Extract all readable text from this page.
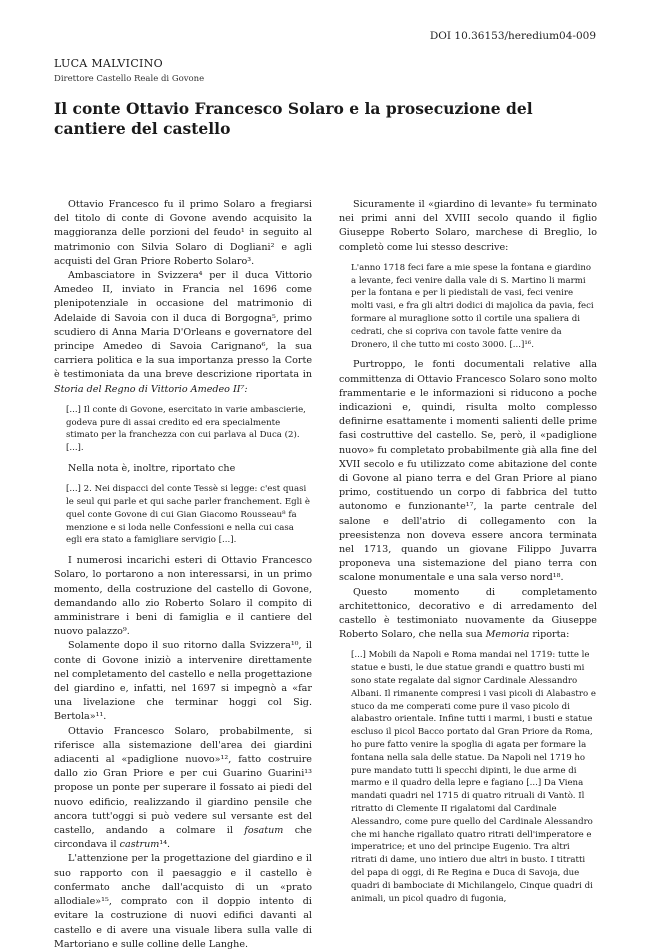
DOI 10.36153/heredium04-009
LUCA MALVICINO
Direttore Castello Reale di Govone
Il conte Ottavio Francesco Solaro e la prosecuzione del cantiere del castello

Ottavio Francesco fu il primo Solaro a fregiarsi del titolo di conte di Govone avendo acquisito la maggioranza delle porzioni del feudo¹ in seguito al matrimonio con Silvia Solaro di Dogliani² e agli acquisti del Gran Priore Roberto Solaro³.

Ambasciatore in Svizzera⁴ per il duca Vittorio Amedeo II, inviato in Francia nel 1696 come plenipotenziale in occasione del matrimonio di Adelaide di Savoia con il duca di Borgogna⁵, primo scudiero di Anna Maria D'Orleans e governatore del principe Amedeo di Savoia Carignano⁶, la sua carriera politica e la sua importanza presso la Corte è testimoniata da una breve descrizione riportata in Storia del Regno di Vittorio Amedeo II⁷:

[...] Il conte di Govone, esercitato in varie ambascierie, godeva pure di assai credito ed era specialmente stimato per la franchezza con cui parlava al Duca (2). [...].

Nella nota è, inoltre, riportato che

[...] 2. Nei dispacci del conte Tessè si legge: c'est quasi le seul qui parle et qui sache parler franchement. Egli è quel conte Govone di cui Gian Giacomo Rousseau⁸ fa menzione e si loda nelle Confessioni e nella cui casa egli era stato a famigliare servigio [...].

I numerosi incarichi esteri di Ottavio Francesco Solaro, lo portarono a non interessarsi, in un primo momento, della costruzione del castello di Govone, demandando allo zio Roberto Solaro il compito di amministrare i beni di famiglia e il cantiere del nuovo palazzo⁹.

Solamente dopo il suo ritorno dalla Svizzera¹⁰, il conte di Govone iniziò a intervenire direttamente nel completamento del castello e nella progettazione del giardino e, infatti, nel 1697 si impegnò a «far una livelazione che terminar hoggi col Sig. Bertola»¹¹.

Ottavio Francesco Solaro, probabilmente, si riferisce alla sistemazione dell'area dei giardini adiacenti al «padiglione nuovo»¹², fatto costruire dallo zio Gran Priore e per cui Guarino Guarini¹³ propose un ponte per superare il fossato ai piedi del nuovo edificio, realizzando il giardino pensile che ancora tutt'oggi si può vedere sul versante est del castello, andando a colmare il fosatum che circondava il castrum¹⁴.

L'attenzione per la progettazione del giardino e il suo rapporto con il paesaggio e il castello è confermato anche dall'acquisto di un «prato allodiale»¹⁵, comprato con il doppio intento di evitare la costruzione di nuovi edifici davanti al castello e di avere una visuale libera sulla valle di Martoriano e sulle colline delle Langhe.

Sicuramente il «giardino di levante» fu terminato nei primi anni del XVIII secolo quando il figlio Giuseppe Roberto Solaro, marchese di Breglio, lo completò come lui stesso descrive:

L'anno 1718 feci fare a mie spese la fontana e giardino a levante, feci venire dalla vale di S. Martino li marmi per la fontana e per li piedistali de vasi, feci venire molti vasi, e fra gli altri dodici di majolica da pavia, feci formare al muraglione sotto il cortile una spaliera di cedrati, che si copriva con tavole fatte venire da Dronero, il che tutto mi costo 3000. [...]¹⁶.

Purtroppo, le fonti documentali relative alla committenza di Ottavio Francesco Solaro sono molto frammentarie e le informazioni si riducono a poche indicazioni e, quindi, risulta molto complesso definirne esattamente i momenti salienti delle prime fasi costruttive del castello. Se, però, il «padiglione nuovo» fu completato probabilmente già alla fine del XVII secolo e fu utilizzato come abitazione del conte di Govone al piano terra e del Gran Priore al piano primo, costituendo un corpo di fabbrica del tutto autonomo e funzionante¹⁷, la parte centrale del salone e dell'atrio di collegamento con la preesistenza non doveva essere ancora terminata nel 1713, quando un giovane Filippo Juvarra proponeva una sistemazione del piano terra con scalone monumentale e una sala verso nord¹⁸.

Questo momento di completamento architettonico, decorativo e di arredamento del castello è testimoniato nuovamente da Giuseppe Roberto Solaro, che nella sua Memoria riporta:

[...] Mobili da Napoli e Roma mandai nel 1719: tutte le statue e busti, le due statue grandi e quattro busti mi sono state regalate dal signor Cardinale Alessandro Albani. Il rimanente compresi i vasi picoli di Alabastro e stuco da me comperati come pure il vaso picolo di alabastro orientale. Infine tutti i marmi, i busti e statue escluso il picol Bacco portato dal Gran Priore da Roma, ho pure fatto venire la spoglia di agata per formare la fontana nella sala delle statue. Da Napoli nel 1719 ho pure mandato tutti li specchi dipinti, le due arme di marmo e il quadro della lepre e fagiano [...] Da Viena mandati quadri nel 1715 di quatro ritruali di Vantò. Il ritratto di Clemente II rigalatomi dal Cardinale Alessandro, come pure quello del Cardinale Alessandro che mi hanche rigallato quatro ritrati dell'imperatore e imperatrice; et uno del principe Eugenio. Tra altri ritrati di dame, uno intiero due altri in busto. I titratti del papa di oggi, di Re Regina e Duca di Savoja, due quadri di bambociate di Michilangelo, Cinque quadri di animali, un picol quadro di fugonia,
